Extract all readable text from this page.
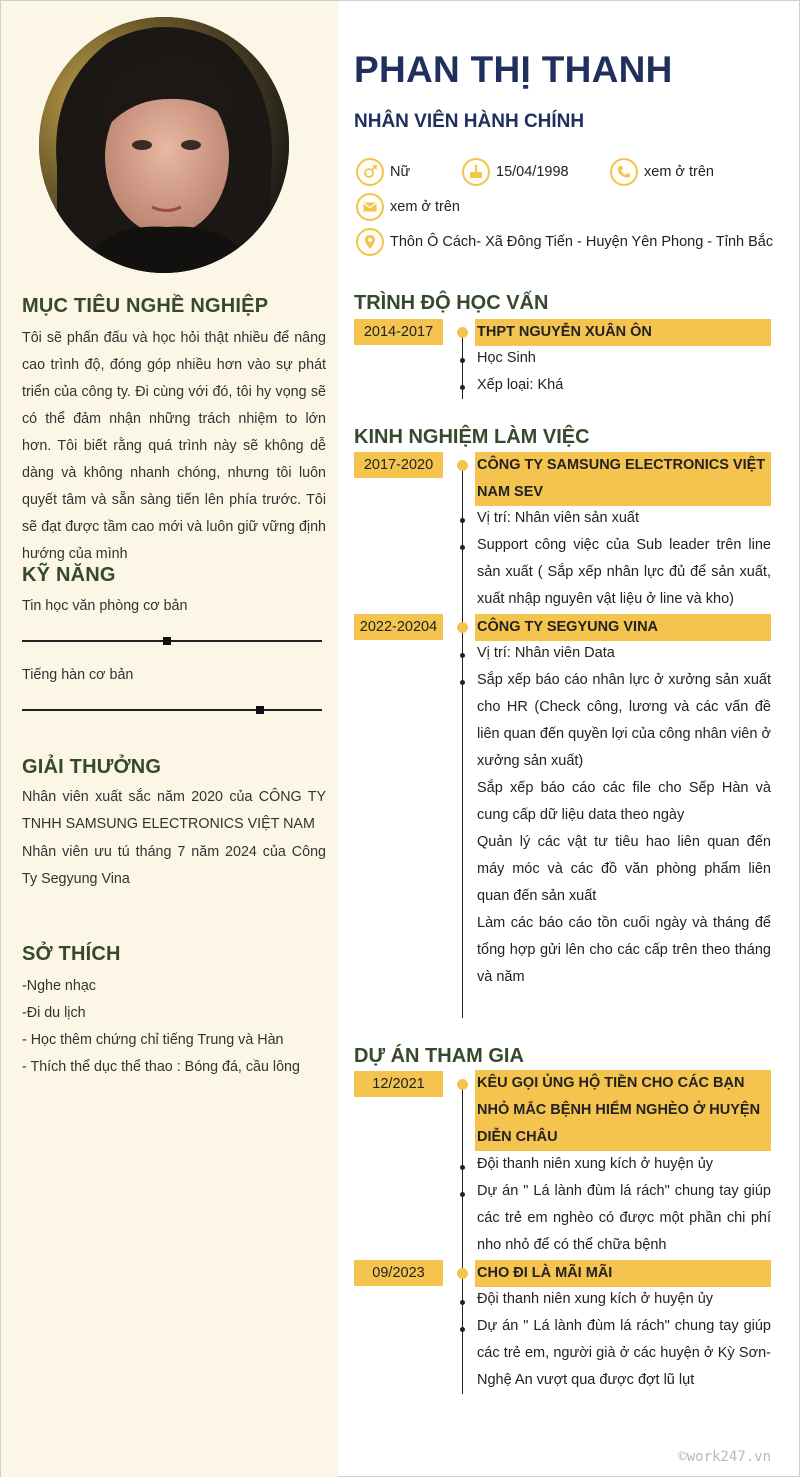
MỤC TIÊU NGHỀ NGHIỆP
Tôi sẽ phấn đấu và học hỏi thật nhiều để nâng cao trình độ, đóng góp nhiều hơn vào sự phát triển của công ty. Đi cùng với đó, tôi hy vọng sẽ có thể đảm nhận những trách nhiệm to lớn hơn. Tôi biết rằng quá trình này sẽ không dễ dàng và không nhanh chóng, nhưng tôi luôn quyết tâm và sẵn sàng tiến lên phía trước. Tôi sẽ đạt được tầm cao mới và luôn giữ vững định hướng của mình
KỸ NĂNG
Tin học văn phòng cơ bản
Tiếng hàn cơ bản
GIẢI THƯỞNG
Nhân viên xuất sắc năm 2020 của CÔNG TY TNHH SAMSUNG ELECTRONICS VIỆT NAM
Nhân viên ưu tú tháng 7 năm 2024 của Công Ty Segyung Vina
SỞ THÍCH
-Nghe nhạc
-Đi du lịch
- Học thêm chứng chỉ tiếng Trung và Hàn
- Thích thể dục thể thao : Bóng đá, cầu lông
PHAN THỊ THANH
NHÂN VIÊN HÀNH CHÍNH
Nữ	15/04/1998	xem ở trên
xem ở trên
Thôn Ô Cách- Xã Đông Tiến - Huyện Yên Phong - Tỉnh Bắc
TRÌNH ĐỘ HỌC VẤN
2014-2017	THPT NGUYỄN XUÂN ÔN
Học Sinh
Xếp loại: Khá
KINH NGHIỆM LÀM VIỆC
2017-2020	CÔNG TY SAMSUNG ELECTRONICS VIỆT NAM SEV
Vị trí: Nhân viên sản xuất
Support công việc của Sub leader trên line sản xuất ( Sắp xếp nhân lực đủ để sản xuất, xuất nhập nguyên vật liệu ở line và kho)
2022-20204	CÔNG TY SEGYUNG VINA
Vị trí: Nhân viên Data
Sắp xếp báo cáo nhân lực ở xưởng sản xuất cho HR (Check công, lương và các vấn đề liên quan đến quyền lợi của công nhân viên ở xưởng sản xuất)
Sắp xếp báo cáo các file cho Sếp Hàn và cung cấp dữ liệu data theo ngày
Quản lý các vật tư tiêu hao liên quan đến máy móc và các đồ văn phòng phẩm liên quan đến sản xuất
Làm các báo cáo tồn cuối ngày và tháng để tổng hợp gửi lên cho các cấp trên theo tháng và năm
DỰ ÁN THAM GIA
12/2021	KÊU GỌI ỦNG HỘ TIỀN CHO CÁC BẠN NHỎ MẮC BỆNH HIỂM NGHÈO Ở HUYỆN DIỄN CHÂU
Đội thanh niên xung kích ở huyện ủy
Dự án " Lá lành đùm lá rách" chung tay giúp các trẻ em nghèo có được một phần chi phí nho nhỏ để có thể chữa bệnh
09/2023	CHO ĐI LÀ MÃI MÃI
Đội thanh niên xung kích ở huyện ủy
Dự án " Lá lành đùm lá rách" chung tay giúp các trẻ em, người già ở các huyện ở Kỳ Sơn- Nghệ An vượt qua được đợt lũ lụt
©work247.vn
